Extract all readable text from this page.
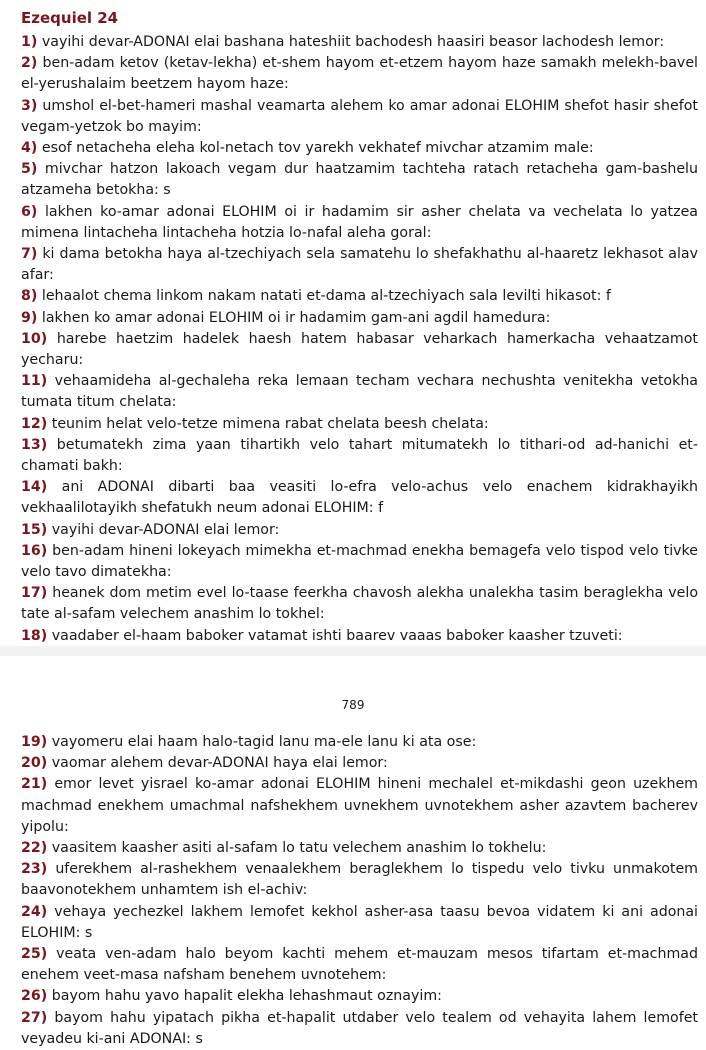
Ezequiel 24
1) vayihi devar-ADONAI elai bashana hateshiit bachodesh haasiri beasor lachodesh lemor:
2) ben-adam ketov (ketav-lekha) et-shem hayom et-etzem hayom haze samakh melekh-bavel el-yerushalaim beetzem hayom haze:
3) umshol el-bet-hameri mashal veamarta alehem ko amar adonai ELOHIM shefot hasir shefot vegam-yetzok bo mayim:
4) esof netacheha eleha kol-netach tov yarekh vekhatef mivchar atzamim male:
5) mivchar hatzon lakoach vegam dur haatzamim tachteha ratach retacheha gam-bashelu atzameha betokha: s
6) lakhen ko-amar adonai ELOHIM oi ir hadamim sir asher chelata va vechelata lo yatzea mimena lintacheha lintacheha hotzia lo-nafal aleha goral:
7) ki dama betokha haya al-tzechiyach sela samatehu lo shefakhathu al-haaretz lekhasot alav afar:
8) lehaalot chema linkom nakam natati et-dama al-tzechiyach sala levilti hikasot: f
9) lakhen ko amar adonai ELOHIM oi ir hadamim gam-ani agdil hamedura:
10) harebe haetzim hadelek haesh hatem habasar veharkach hamerkacha vehaatzamot yecharu:
11) vehaamideha al-gechaleha reka lemaan techam vechara nechushta venitekha vetokha tumata titum chelata:
12) teunim helat velo-tetze mimena rabat chelata beesh chelata:
13) betumatekh zima yaan tihartikh velo tahart mitumatekh lo tithari-od ad-hanichi et-chamati bakh:
14) ani ADONAI dibarti baa veasiti lo-efra velo-achus velo enachem kidrakhayikh vekhaalilotayikh shefatukh neum adonai ELOHIM: f
15) vayihi devar-ADONAI elai lemor:
16) ben-adam hineni lokeyach mimekha et-machmad enekha bemagefa velo tispod velo tivke velo tavo dimatekha:
17) heanek dom metim evel lo-taase feerkha chavosh alekha unalekha tasim beraglekha velo tate al-safam velechem anashim lo tokhel:
18) vaadaber el-haam baboker vatamat ishti baarev vaaas baboker kaasher tzuveti:
789
19) vayomeru elai haam halo-tagid lanu ma-ele lanu ki ata ose:
20) vaomar alehem devar-ADONAI haya elai lemor:
21) emor levet yisrael ko-amar adonai ELOHIM hineni mechalel et-mikdashi geon uzekhem machmad enekhem umachmal nafshekhem uvnekhem uvnotekhem asher azavtem bacherev yipolu:
22) vaasitem kaasher asiti al-safam lo tatu velechem anashim lo tokhelu:
23) uferekhem al-rashekhem venaalekhem beraglekhem lo tispedu velo tivku unmakotem baavonotekhem unhamtem ish el-achiv:
24) vehaya yechezkel lakhem lemofet kekhol asher-asa taasu bevoa vidatem ki ani adonai ELOHIM: s
25) veata ven-adam halo beyom kachti mehem et-mauzam mesos tifartam et-machmad enehem veet-masa nafsham benehem uvnotehem:
26) bayom hahu yavo hapalit elekha lehashmaut oznayim:
27) bayom hahu yipatach pikha et-hapalit utdaber velo tealem od vehayita lahem lemofet veyadeu ki-ani ADONAI: s
